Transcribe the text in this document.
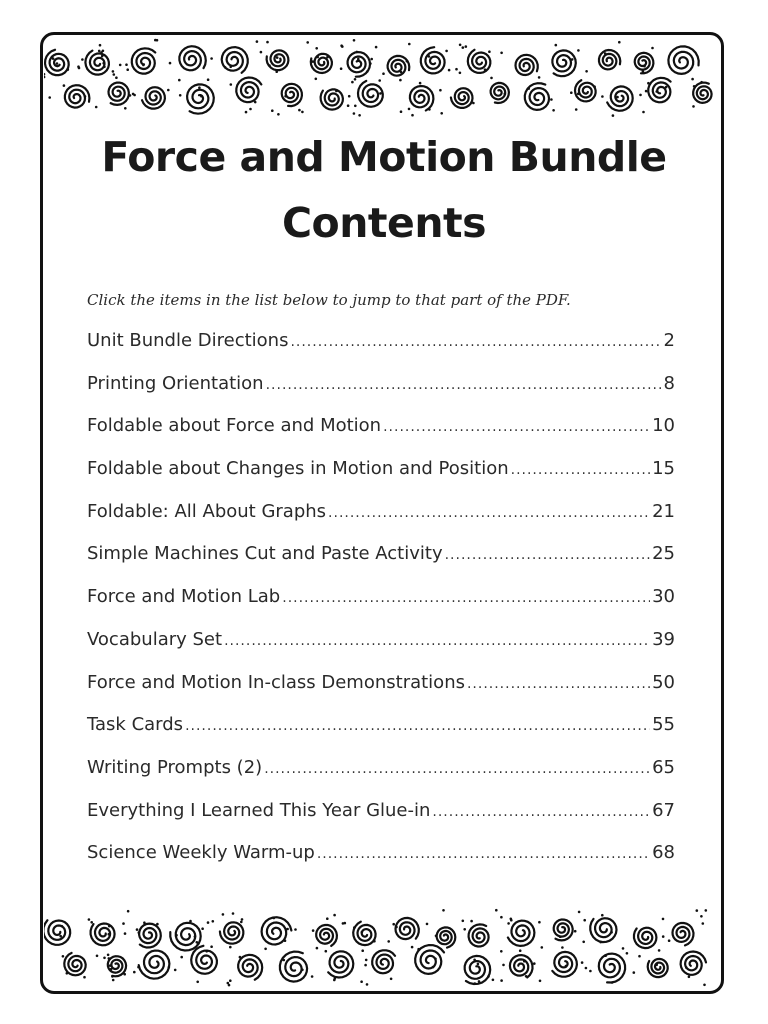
Force and Motion Bundle
Contents
Click the items in the list below to jump to that part of the PDF.
Unit Bundle Directions .....	2
Printing Orientation .....	8
Foldable about Force and Motion .....	10
Foldable about Changes in Motion and Position .....	15
Foldable: All About Graphs .....	21
Simple Machines Cut and Paste Activity .....	25
Force and Motion Lab .....	30
Vocabulary Set .....	39
Force and Motion In-class Demonstrations .....	50
Task Cards .....	55
Writing Prompts (2) .....	65
Everything I Learned This Year Glue-in .....	67
Science Weekly Warm-up .....	68
